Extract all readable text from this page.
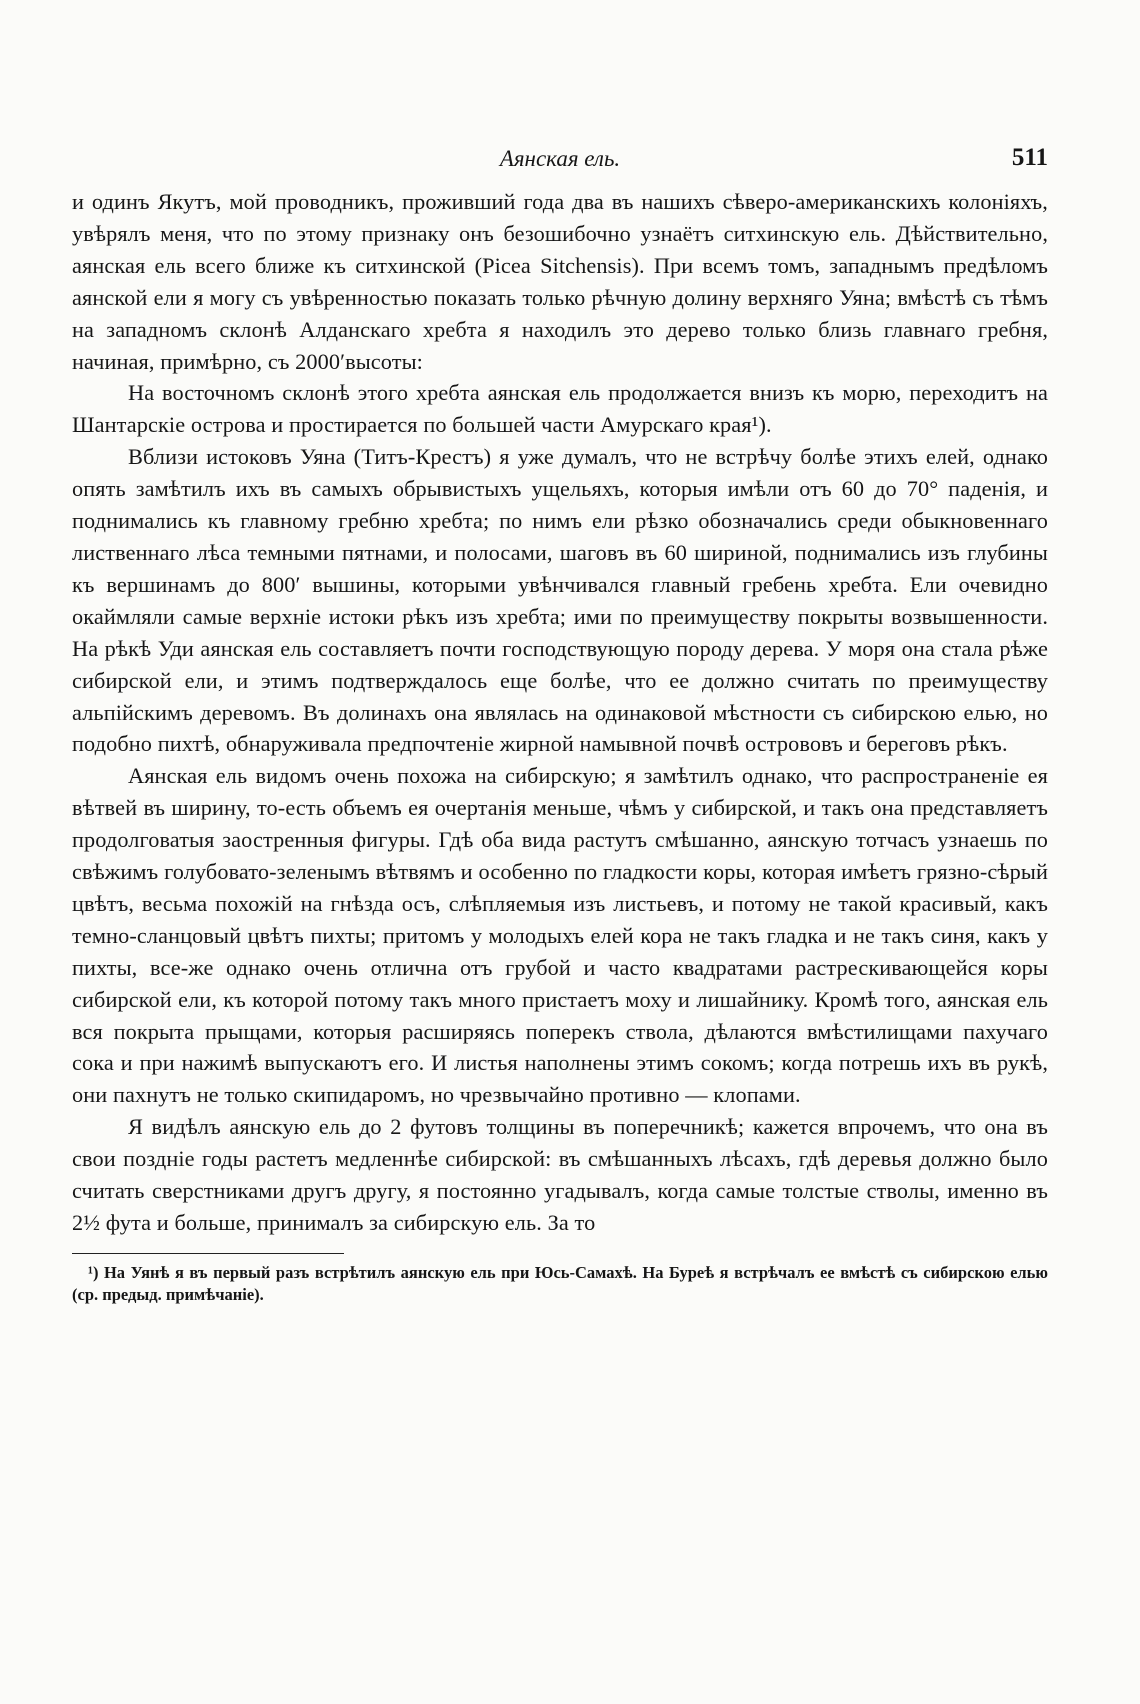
Аянская ель.	511

и одинъ Якутъ, мой проводникъ, проживший года два въ нашихъ сѣверо-американскихъ колоніяхъ, увѣрялъ меня, что по этому признаку онъ безошибочно узнаётъ ситхинскую ель. Дѣйствительно, аянская ель всего ближе къ ситхинской (Picea Sitchensis). При всемъ томъ, западнымъ предѣломъ аянской ели я могу съ увѣренностью показать только рѣчную долину верхняго Уяна; вмѣстѣ съ тѣмъ на западномъ склонѣ Алданскаго хребта я находилъ это дерево только близь главнаго гребня, начиная, примѣрно, съ 2000′высоты:

На восточномъ склонѣ этого хребта аянская ель продолжается внизъ къ морю, переходитъ на Шантарскіе острова и простирается по большей части Амурскаго края¹).

Вблизи истоковъ Уяна (Титъ-Крестъ) я уже думалъ, что не встрѣчу болѣе этихъ елей, однако опять замѣтилъ ихъ въ самыхъ обрывистыхъ ущельяхъ, которыя имѣли отъ 60 до 70° паденія, и поднимались къ главному гребню хребта; по нимъ ели рѣзко обозначались среди обыкновеннаго лиственнаго лѣса темными пятнами, и полосами, шаговъ въ 60 шириной, поднимались изъ глубины къ вершинамъ до 800′ вышины, которыми увѣнчивался главный гребень хребта. Ели очевидно окаймляли самые верхніе истоки рѣкъ изъ хребта; ими по преимуществу покрыты возвышенности. На рѣкѣ Уди аянская ель составляетъ почти господствующую породу дерева. У моря она стала рѣже сибирской ели, и этимъ подтверждалось еще болѣе, что ее должно считать по преимуществу альпійскимъ деревомъ. Въ долинахъ она являлась на одинаковой мѣстности съ сибирскою елью, но подобно пихтѣ, обнаруживала предпочтеніе жирной намывной почвѣ острововъ и береговъ рѣкъ.

Аянская ель видомъ очень похожа на сибирскую; я замѣтилъ однако, что распространеніе ея вѣтвей въ ширину, то-есть объемъ ея очертанія меньше, чѣмъ у сибирской, и такъ она представляетъ продолговатыя заостренныя фигуры. Гдѣ оба вида растутъ смѣшанно, аянскую тотчасъ узнаешь по свѣжимъ голубовато-зеленымъ вѣтвямъ и особенно по гладкости коры, которая имѣетъ грязно-сѣрый цвѣтъ, весьма похожій на гнѣзда осъ, слѣпляемыя изъ листьевъ, и потому не такой красивый, какъ темно-сланцовый цвѣтъ пихты; притомъ у молодыхъ елей кора не такъ гладка и не такъ синя, какъ у пихты, все-же однако очень отлична отъ грубой и часто квадратами растрескивающейся коры сибирской ели, къ которой потому такъ много пристаетъ моху и лишайнику. Кромѣ того, аянская ель вся покрыта прыщами, которыя расширяясь поперекъ ствола, дѣлаются вмѣстилищами пахучаго сока и при нажимѣ выпускаютъ его. И листья наполнены этимъ сокомъ; когда потрешь ихъ въ рукѣ, они пахнутъ не только скипидаромъ, но чрезвычайно противно — клопами.

Я видѣлъ аянскую ель до 2 футовъ толщины въ поперечникѣ; кажется впрочемъ, что она въ свои поздніе годы растетъ медленнѣе сибирской: въ смѣшанныхъ лѣсахъ, гдѣ деревья должно было считать сверстниками другъ другу, я постоянно угадывалъ, когда самые толстые стволы, именно въ 2½ фута и больше, принималъ за сибирскую ель. За то

¹) На Уянѣ я въ первый разъ встрѣтилъ аянскую ель при Юсь-Самахѣ. На Буреѣ я встрѣчалъ ее вмѣстѣ съ сибирскою елью (ср. предыд. примѣчаніе).
